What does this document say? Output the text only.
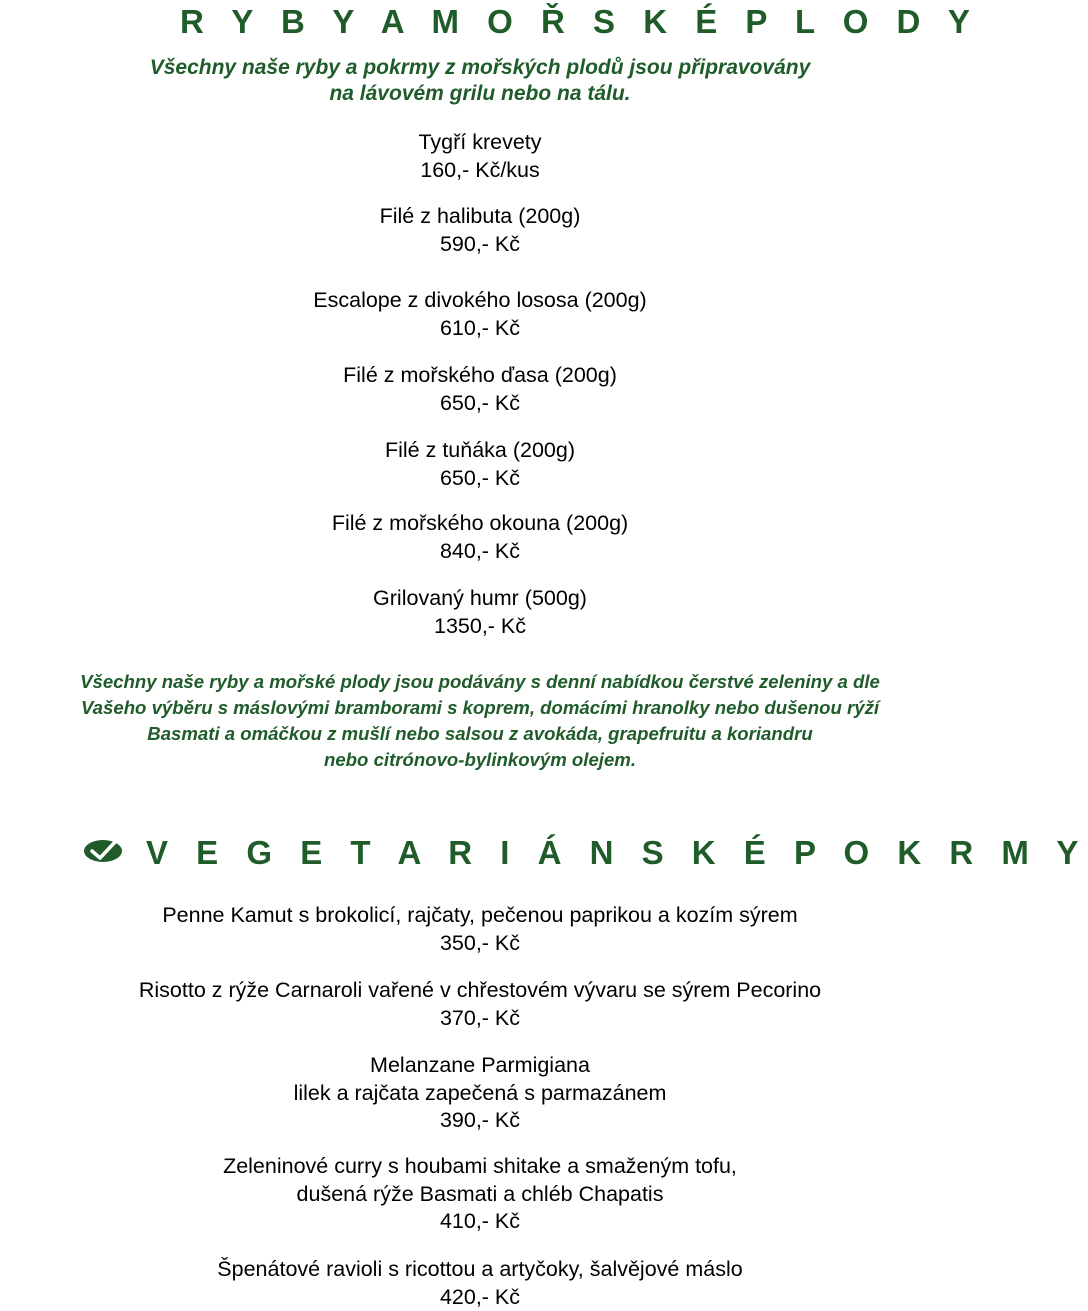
R Y B Y A M O Ř S K É P L O D Y
Všechny naše ryby a pokrmy z mořských plodů jsou připravovány
na lávovém grilu nebo na tálu.
Tygří krevety
160,- Kč/kus
Filé z halibuta (200g)
590,- Kč
Escalope z divokého lososa (200g)
610,- Kč
Filé z mořského ďasa (200g)
650,- Kč
Filé z tuňáka (200g)
650,- Kč
Filé z mořského okouna (200g)
840,- Kč
Grilovaný humr (500g)
1350,- Kč
Všechny naše ryby a mořské plody jsou podávány s denní nabídkou čerstvé zeleniny a dle
Vašeho výběru s máslovými bramborami s koprem, domácími hranolky nebo dušenou rýží
Basmati a omáčkou z mušlí nebo salsou z avokáda, grapefruitu a koriandru
nebo citrónovo-bylinkovým olejem.
V E G E T A R I Á N S K É P O K R M Y
Penne Kamut s brokolicí, rajčaty, pečenou paprikou a kozím sýrem
350,- Kč
Risotto z rýže Carnaroli vařené v chřestovém vývaru se sýrem Pecorino
370,- Kč
Melanzane Parmigiana
lilek a rajčata zapečená s parmazánem
390,- Kč
Zeleninové curry s houbami shitake a smaženým tofu,
dušená rýže Basmati a chléb Chapatis
410,- Kč
Špenátové ravioli s ricottou a artyčoky, šalvějové máslo
420,- Kč
